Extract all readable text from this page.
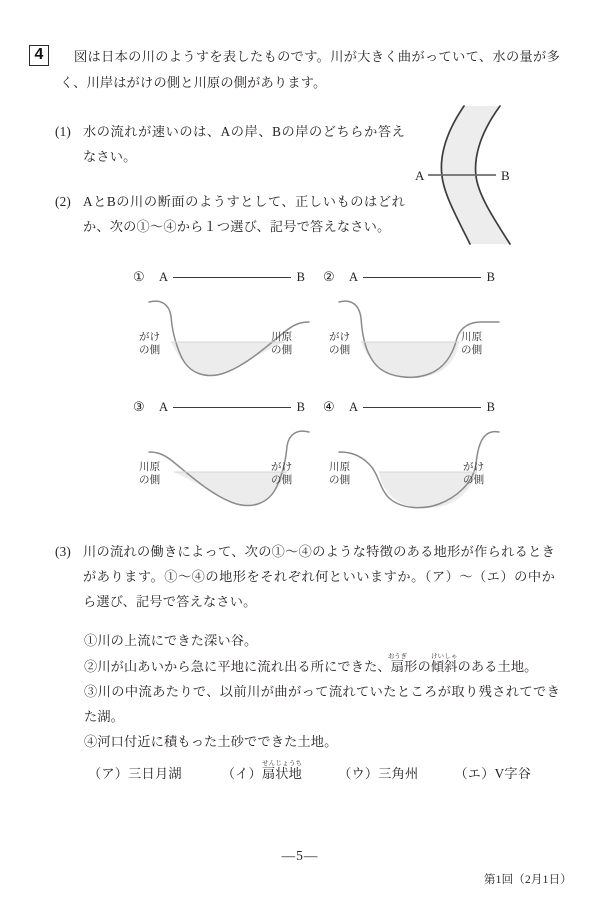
4	図は日本の川のようすを表したものです。川が大きく曲がっていて、水の量が多く、川岸はがけの側と川原の側があります。
(1) 水の流れが速いのは、Aの岸、Bの岸のどちらか答えなさい。
(2) AとBの川の断面のようすとして、正しいものはどれか、次の①～④から１つ選び、記号で答えなさい。
A	B
① A	B
がけ
の側
川原
の側
② A	B
がけ
の側
川原
の側
③ A	B
川原
の側
がけ
の側
④ A	B
川原
の側
がけ
の側
(3) 川の流れの働きによって、次の①～④のような特徴のある地形が作られるときがあります。①～④の地形をそれぞれ何といいますか。（ア）～（エ）の中から選び、記号で答えなさい。

①川の上流にできた深い谷。

②川が山あいから急に平地に流れ出る所にできた、扇おうぎ形の傾斜けいしゃのある土地。

③川の中流あたりで、以前川が曲がって流れていたところが取り残されてできた湖。

④河口付近に積もった土砂でできた土地。

（ア）三日月湖	（イ）扇状地せんじょうち（ウ）三角州	（エ）V字谷
—5—
第1回（2月1日）
